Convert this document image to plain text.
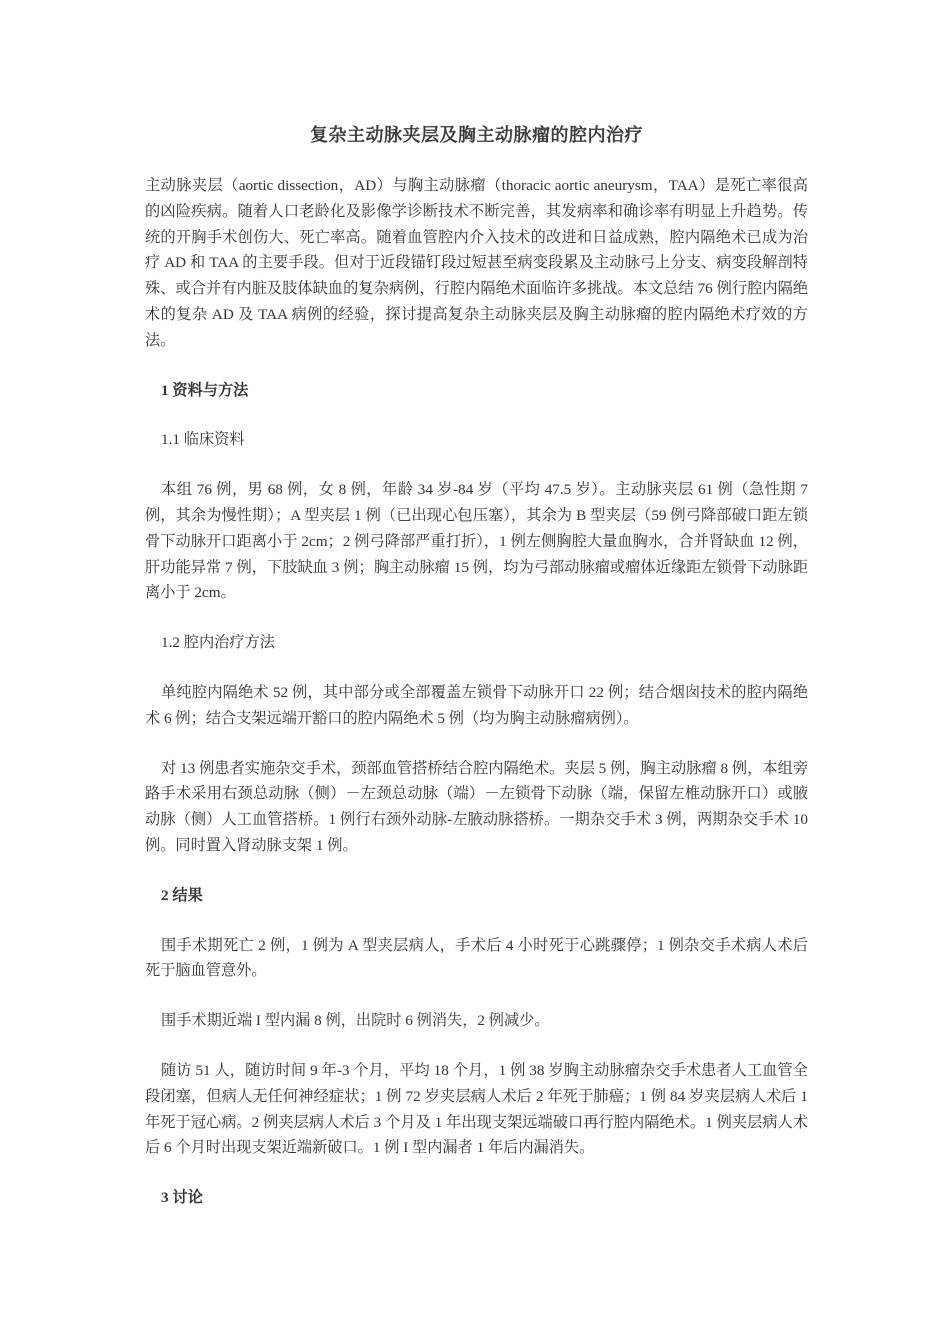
复杂主动脉夹层及胸主动脉瘤的腔内治疗

主动脉夹层（aortic dissection，AD）与胸主动脉瘤（thoracic aortic aneurysm，TAA）是死亡率很高的凶险疾病。随着人口老龄化及影像学诊断技术不断完善，其发病率和确诊率有明显上升趋势。传统的开胸手术创伤大、死亡率高。随着血管腔内介入技术的改进和日益成熟，腔内隔绝术已成为治疗 AD 和 TAA 的主要手段。但对于近段锚钉段过短甚至病变段累及主动脉弓上分支、病变段解剖特殊、或合并有内脏及肢体缺血的复杂病例，行腔内隔绝术面临许多挑战。本文总结 76 例行腔内隔绝术的复杂 AD 及 TAA 病例的经验，探讨提高复杂主动脉夹层及胸主动脉瘤的腔内隔绝术疗效的方法。

1 资料与方法

1.1 临床资料

本组 76 例，男 68 例，女 8 例，年龄 34 岁-84 岁（平均 47.5 岁）。主动脉夹层 61 例（急性期 7 例，其余为慢性期）；A 型夹层 1 例（已出现心包压塞），其余为 B 型夹层（59 例弓降部破口距左锁骨下动脉开口距离小于 2cm；2 例弓降部严重打折），1 例左侧胸腔大量血胸水，合并肾缺血 12 例，肝功能异常 7 例，下肢缺血 3 例；胸主动脉瘤 15 例，均为弓部动脉瘤或瘤体近缘距左锁骨下动脉距离小于 2cm。

1.2 腔内治疗方法

单纯腔内隔绝术 52 例，其中部分或全部覆盖左锁骨下动脉开口 22 例；结合烟囱技术的腔内隔绝术 6 例；结合支架远端开豁口的腔内隔绝术 5 例（均为胸主动脉瘤病例）。

对 13 例患者实施杂交手术，颈部血管搭桥结合腔内隔绝术。夹层 5 例，胸主动脉瘤 8 例，本组旁路手术采用右颈总动脉（侧）－左颈总动脉（端）－左锁骨下动脉（端，保留左椎动脉开口）或腋动脉（侧）人工血管搭桥。1 例行右颈外动脉-左腋动脉搭桥。一期杂交手术 3 例，两期杂交手术 10 例。同时置入肾动脉支架 1 例。

2 结果

围手术期死亡 2 例，1 例为 A 型夹层病人，手术后 4 小时死于心跳骤停；1 例杂交手术病人术后死于脑血管意外。

围手术期近端 I 型内漏 8 例，出院时 6 例消失，2 例减少。

随访 51 人，随访时间 9 年-3 个月，平均 18 个月，1 例 38 岁胸主动脉瘤杂交手术患者人工血管全段闭塞，但病人无任何神经症状；1 例 72 岁夹层病人术后 2 年死于肺癌；1 例 84 岁夹层病人术后 1 年死于冠心病。2 例夹层病人术后 3 个月及 1 年出现支架远端破口再行腔内隔绝术。1 例夹层病人术后 6 个月时出现支架近端新破口。1 例 I 型内漏者 1 年后内漏消失。

3 讨论
